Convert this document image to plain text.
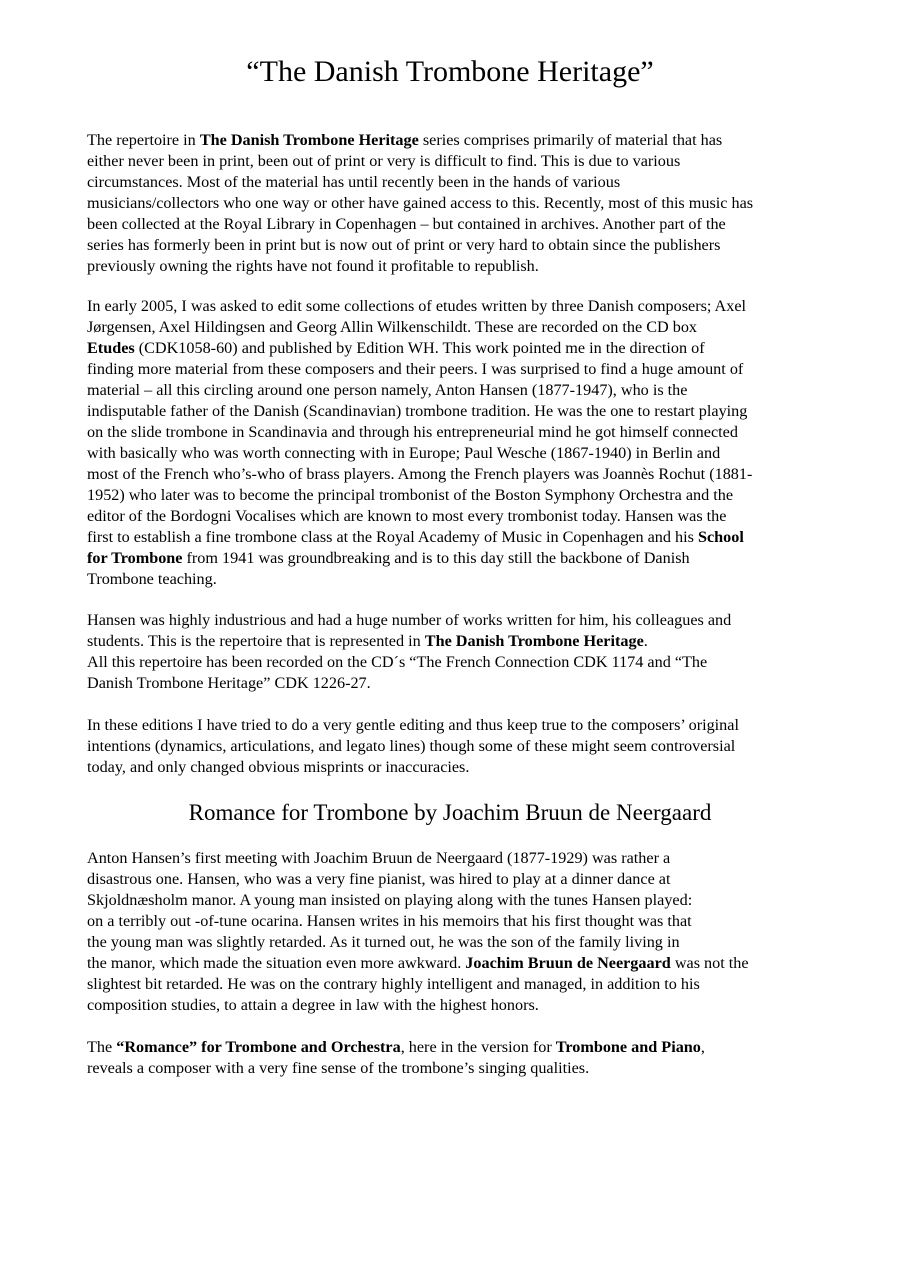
“The Danish Trombone Heritage”

The repertoire in The Danish Trombone Heritage series comprises primarily of material that has
either never been in print, been out of print or very is difficult to find. This is due to various
circumstances. Most of the material has until recently been in the hands of various
musicians/collectors who one way or other have gained access to this. Recently, most of this music has
been collected at the Royal Library in Copenhagen – but contained in archives. Another part of the
series has formerly been in print but is now out of print or very hard to obtain since the publishers
previously owning the rights have not found it profitable to republish.

In early 2005, I was asked to edit some collections of etudes written by three Danish composers; Axel
Jørgensen, Axel Hildingsen and Georg Allin Wilkenschildt. These are recorded on the CD box
Etudes (CDK1058-60) and published by Edition WH. This work pointed me in the direction of
finding more material from these composers and their peers. I was surprised to find a huge amount of
material – all this circling around one person namely, Anton Hansen (1877-1947), who is the
indisputable father of the Danish (Scandinavian) trombone tradition. He was the one to restart playing
on the slide trombone in Scandinavia and through his entrepreneurial mind he got himself connected
with basically who was worth connecting with in Europe; Paul Wesche (1867-1940) in Berlin and
most of the French who’s-who of brass players. Among the French players was Joannès Rochut (1881-
1952) who later was to become the principal trombonist of the Boston Symphony Orchestra and the
editor of the Bordogni Vocalises which are known to most every trombonist today. Hansen was the
first to establish a fine trombone class at the Royal Academy of Music in Copenhagen and his School
for Trombone from 1941 was groundbreaking and is to this day still the backbone of Danish
Trombone teaching.

Hansen was highly industrious and had a huge number of works written for him, his colleagues and
students. This is the repertoire that is represented in The Danish Trombone Heritage.
All this repertoire has been recorded on the CD´s “The French Connection CDK 1174 and “The
Danish Trombone Heritage” CDK 1226-27.

In these editions I have tried to do a very gentle editing and thus keep true to the composers’ original
intentions (dynamics, articulations, and legato lines) though some of these might seem controversial
today, and only changed obvious misprints or inaccuracies.

Romance for Trombone by Joachim Bruun de Neergaard

Anton Hansen’s first meeting with Joachim Bruun de Neergaard (1877-1929) was rather a
disastrous one. Hansen, who was a very fine pianist, was hired to play at a dinner dance at
Skjoldnæsholm manor. A young man insisted on playing along with the tunes Hansen played:
on a terribly out -of-tune ocarina. Hansen writes in his memoirs that his first thought was that
the young man was slightly retarded. As it turned out, he was the son of the family living in
the manor, which made the situation even more awkward. Joachim Bruun de Neergaard was not the
slightest bit retarded. He was on the contrary highly intelligent and managed, in addition to his
composition studies, to attain a degree in law with the highest honors.

The “Romance” for Trombone and Orchestra, here in the version for Trombone and Piano,
reveals a composer with a very fine sense of the trombone’s singing qualities.
